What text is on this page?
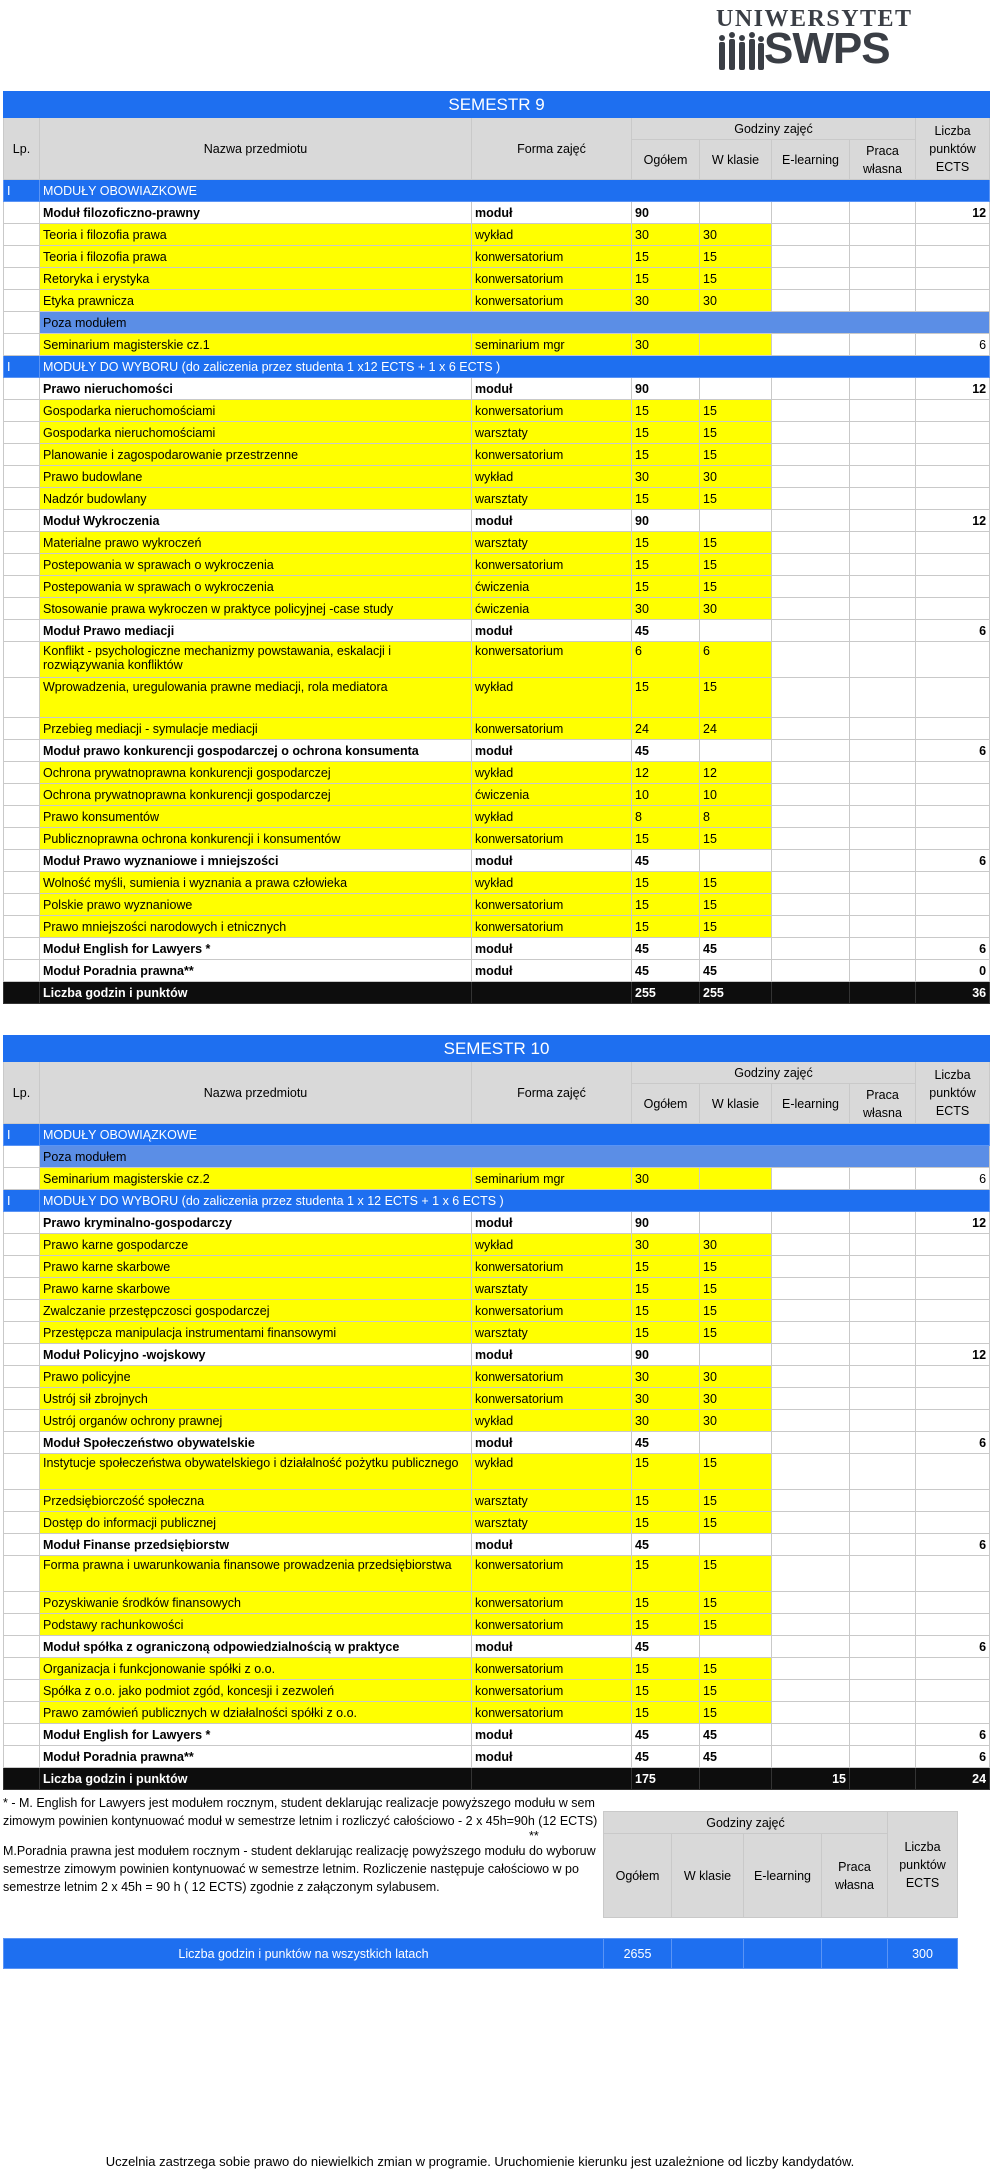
UNIWERSYTET
SWPS
SEMESTR 9							
Lp.	Nazwa przedmiotu	Forma zajęć	Godziny zajęć				Liczba punktów ECTS
			Ogółem	W klasie	E-learning	Praca własna	
I	MODUŁY OBOWIAZKOWE						
	Moduł filozoficzno-prawny	moduł	90				12
	Teoria i filozofia prawa	wykład	30	30			
	Teoria i filozofia prawa	konwersatorium	15	15			
	Retoryka i erystyka	konwersatorium	15	15			
	Etyka prawnicza	konwersatorium	30	30			
	Poza modułem						
	Seminarium magisterskie cz.1	seminarium mgr	30				6
I	MODUŁY DO WYBORU (do zaliczenia przez studenta 1 x12 ECTS + 1 x 6 ECTS )						
	Prawo nieruchomości	moduł	90				12
	Gospodarka nieruchomościami	konwersatorium	15	15			
	Gospodarka nieruchomościami	warsztaty	15	15			
	Planowanie i zagospodarowanie przestrzenne	konwersatorium	15	15			
	Prawo budowlane	wykład	30	30			
	Nadzór budowlany	warsztaty	15	15			
	Moduł Wykroczenia	moduł	90				12
	Materialne prawo wykroczeń	warsztaty	15	15			
	Postepowania w sprawach o wykroczenia	konwersatorium	15	15			
	Postepowania w sprawach o wykroczenia	ćwiczenia	15	15			
	Stosowanie prawa wykroczen w praktyce policyjnej -case study	ćwiczenia	30	30			
	Moduł Prawo mediacji	moduł	45				6
	Konflikt - psychologiczne mechanizmy powstawania, eskalacji i rozwiązywania konfliktów	konwersatorium	6	6			
	Wprowadzenia, uregulowania prawne mediacji, rola mediatora	wykład	15	15			
	Przebieg mediacji - symulacje mediacji	konwersatorium	24	24			
	Moduł prawo konkurencji gospodarczej o ochrona konsumenta	moduł	45				6
	Ochrona prywatnoprawna konkurencji gospodarczej	wykład	12	12			
	Ochrona prywatnoprawna konkurencji gospodarczej	ćwiczenia	10	10			
	Prawo konsumentów	wykład	8	8			
	Publicznoprawna ochrona konkurencji i konsumentów	konwersatorium	15	15			
	Moduł Prawo wyznaniowe i mniejszości	moduł	45				6
	Wolność myśli, sumienia i wyznania a prawa człowieka	wykład	15	15			
	Polskie prawo wyznaniowe	konwersatorium	15	15			
	Prawo mniejszości narodowych i etnicznych	konwersatorium	15	15			
	Moduł English for Lawyers *	moduł	45	45			6
	Moduł Poradnia prawna**	moduł	45	45			0
	Liczba godzin i punktów		255	255			36
SEMESTR 10							
Lp.	Nazwa przedmiotu	Forma zajęć	Godziny zajęć				Liczba punktów ECTS
			Ogółem	W klasie	E-learning	Praca własna	
I	MODUŁY OBOWIĄZKOWE						
	Poza modułem						
	Seminarium magisterskie cz.2	seminarium mgr	30				6
I	MODUŁY DO WYBORU (do zaliczenia przez studenta 1 x 12 ECTS + 1 x 6 ECTS )						
	Prawo kryminalno-gospodarczy	moduł	90				12
	Prawo karne gospodarcze	wykład	30	30			
	Prawo karne skarbowe	konwersatorium	15	15			
	Prawo karne skarbowe	warsztaty	15	15			
	Zwalczanie przestępczosci gospodarczej	konwersatorium	15	15			
	Przestępcza manipulacja instrumentami finansowymi	warsztaty	15	15			
	Moduł Policyjno -wojskowy	moduł	90				12
	Prawo policyjne	konwersatorium	30	30			
	Ustrój sił zbrojnych	konwersatorium	30	30			
	Ustrój organów ochrony prawnej	wykład	30	30			
	Moduł Społeczeństwo obywatelskie	moduł	45				6
	Instytucje społeczeństwa obywatelskiego i działalność pożytku publicznego	wykład	15	15			
	Przedsiębiorczość społeczna	warsztaty	15	15			
	Dostęp do informacji publicznej	warsztaty	15	15			
	Moduł Finanse przedsiębiorstw	moduł	45				6
	Forma prawna i uwarunkowania finansowe prowadzenia przedsiębiorstwa	konwersatorium	15	15			
	Pozyskiwanie środków finansowych	konwersatorium	15	15			
	Podstawy rachunkowości	konwersatorium	15	15			
	Moduł spółka z ograniczoną odpowiedzialnością w praktyce	moduł	45				6
	Organizacja i funkcjonowanie spółki z o.o.	konwersatorium	15	15			
	Spółka z o.o. jako podmiot zgód, koncesji i zezwoleń	konwersatorium	15	15			
	Prawo zamówień publicznych w działalności spółki z o.o.	konwersatorium	15	15			
	Moduł English for Lawyers *	moduł	45	45			6
	Moduł Poradnia prawna**	moduł	45	45			6
	Liczba godzin i punktów		175		15		24
* - M. English for Lawyers jest modułem rocznym, student deklarując realizacje powyższego modułu w sem zimowym powinien kontynuować moduł w semestrze letnim i rozliczyć całościowo - 2 x 45h=90h (12 ECTS)
**
M.Poradnia prawna jest modułem rocznym - student deklarując realizację powyższego modułu do wyboruw semestrze zimowym powinien kontynuować w semestrze letnim. Rozliczenie następuje całościowo w po semestrze letnim 2 x 45h = 90 h ( 12 ECTS) zgodnie z załączonym sylabusem.
Godziny zajęć				Liczba punktów ECTS
Ogółem	W klasie	E-learning	Praca własna	
Liczba godzin i punktów na wszystkich latach	2655				300
Uczelnia zastrzega sobie prawo do niewielkich zmian w programie. Uruchomienie kierunku jest uzależnione od liczby kandydatów.
